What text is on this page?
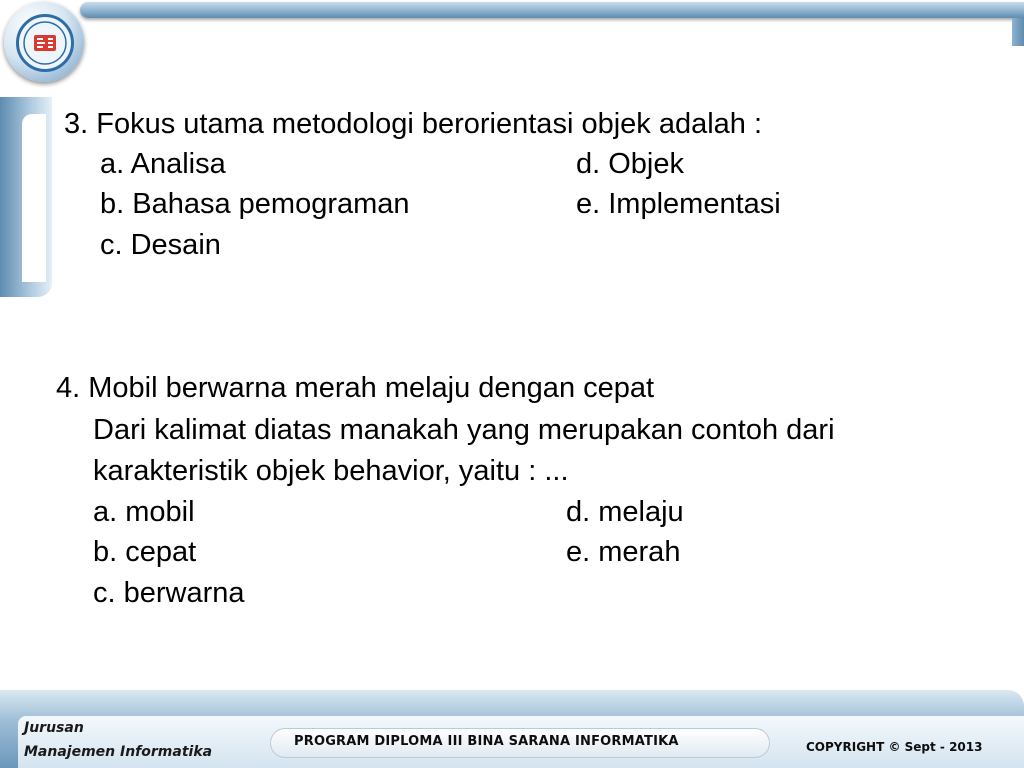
3. Fokus utama metodologi berorientasi objek adalah :
a. Analisa	d. Objek
b. Bahasa pemograman	e. Implementasi
c. Desain
4. Mobil berwarna merah melaju dengan cepat
Dari kalimat diatas manakah yang merupakan contoh dari
karakteristik objek behavior, yaitu : ...
a. mobil	d. melaju
b. cepat	e. merah
c. berwarna
Jurusan
Manajemen Informatika
PROGRAM DIPLOMA III BINA SARANA INFORMATIKA	COPYRIGHT © Sept - 2013
